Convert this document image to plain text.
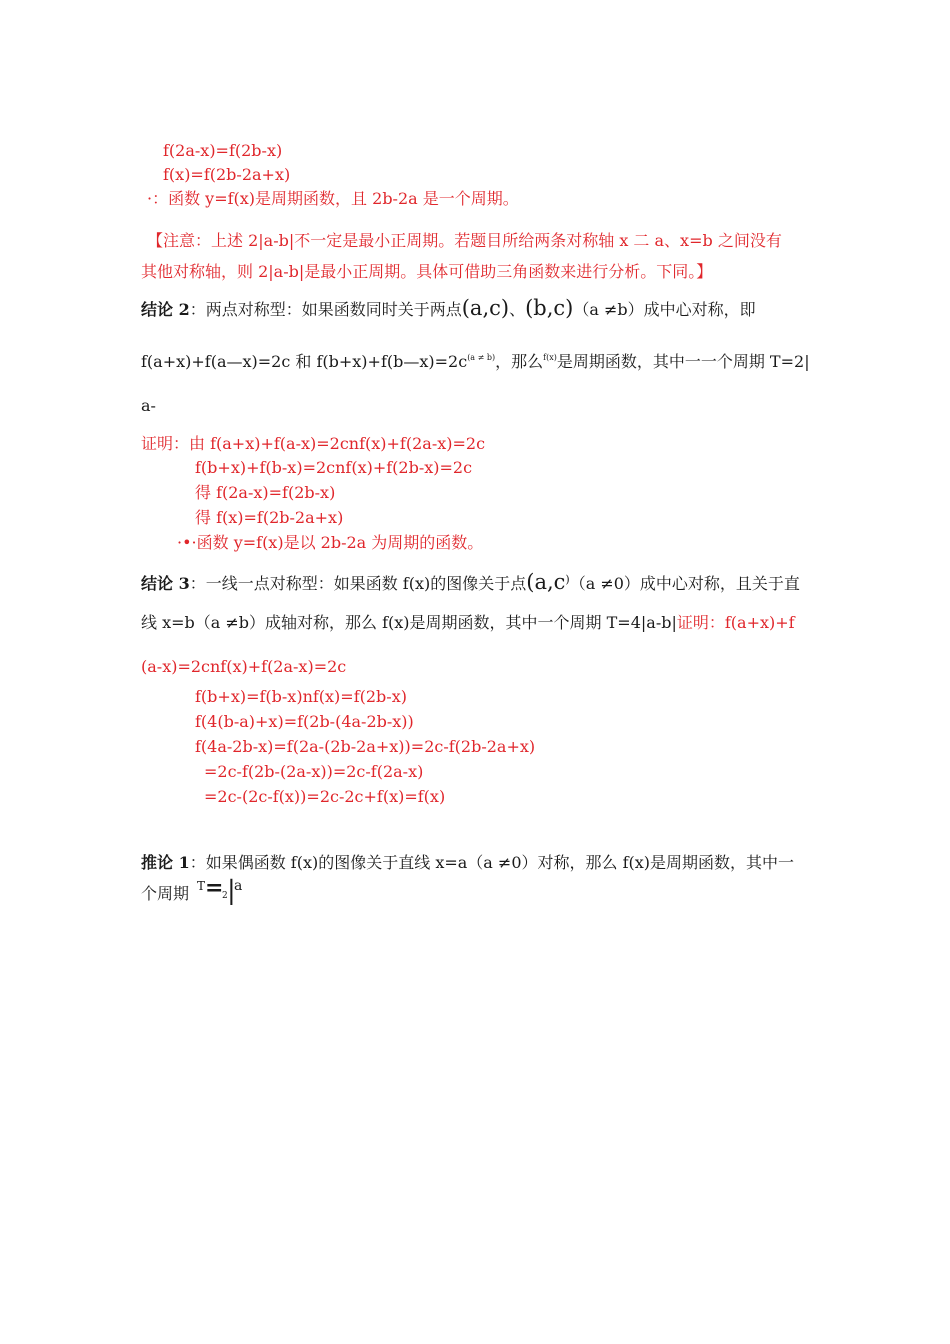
f(2a-x)=f(2b-x)
f(x)=f(2b-2a+x)
·：函数 y=f(x)是周期函数，且 2b-2a 是一个周期。
【注意：上述 2|a-b|不一定是最小正周期。若题目所给两条对称轴 x 二 a、x=b 之间没有
其他对称轴，则 2|a-b|是最小正周期。具体可借助三角函数来进行分析。下同。】
结论 2：两点对称型：如果函数同时关于两点(a,c)、(b,c)（a ≠b）成中心对称，即
f(a+x)+f(a—x)=2c 和 $f(b+x)+f(b—x)=2c^{(a \ne b)}$，那么$^{f(x)}$是周期函数，其中一一个周期 T=2|
a-
证明：由 f(a+x)+f(a-x)=2cnf(x)+f(2a-x)=2c
f(b+x)+f(b-x)=2cnf(x)+f(2b-x)=2c
得 f(2a-x)=f(2b-x)
得 f(x)=f(2b-2a+x)
·•·函数 y=f(x)是以 2b-2a 为周期的函数。
结论 3：一线一点对称型：如果函数 f(x)的图像关于点(a,c)（a ≠0）成中心对称，且关于直
线 x=b（a ≠b）成轴对称，那么 f(x)是周期函数，其中一个周期 T=4|a-b|证明：f(a+x)+f
(a-x)=2cnf(x)+f(2a-x)=2c
f(b+x)=f(b-x)nf(x)=f(2b-x)
f(4(b-a)+x)=f(2b-(4a-2b-x))
f(4a-2b-x)=f(2a-(2b-2a+x))=2c-f(2b-2a+x)
=2c-f(2b-(2a-x))=2c-f(2a-x)
=2c-(2c-f(x))=2c-2c+f(x)=f(x)
推论 1：如果偶函数 f(x)的图像关于直线 x=a（a ≠0）对称，那么 f(x)是周期函数，其中一
个周期 T =
2 |
a
